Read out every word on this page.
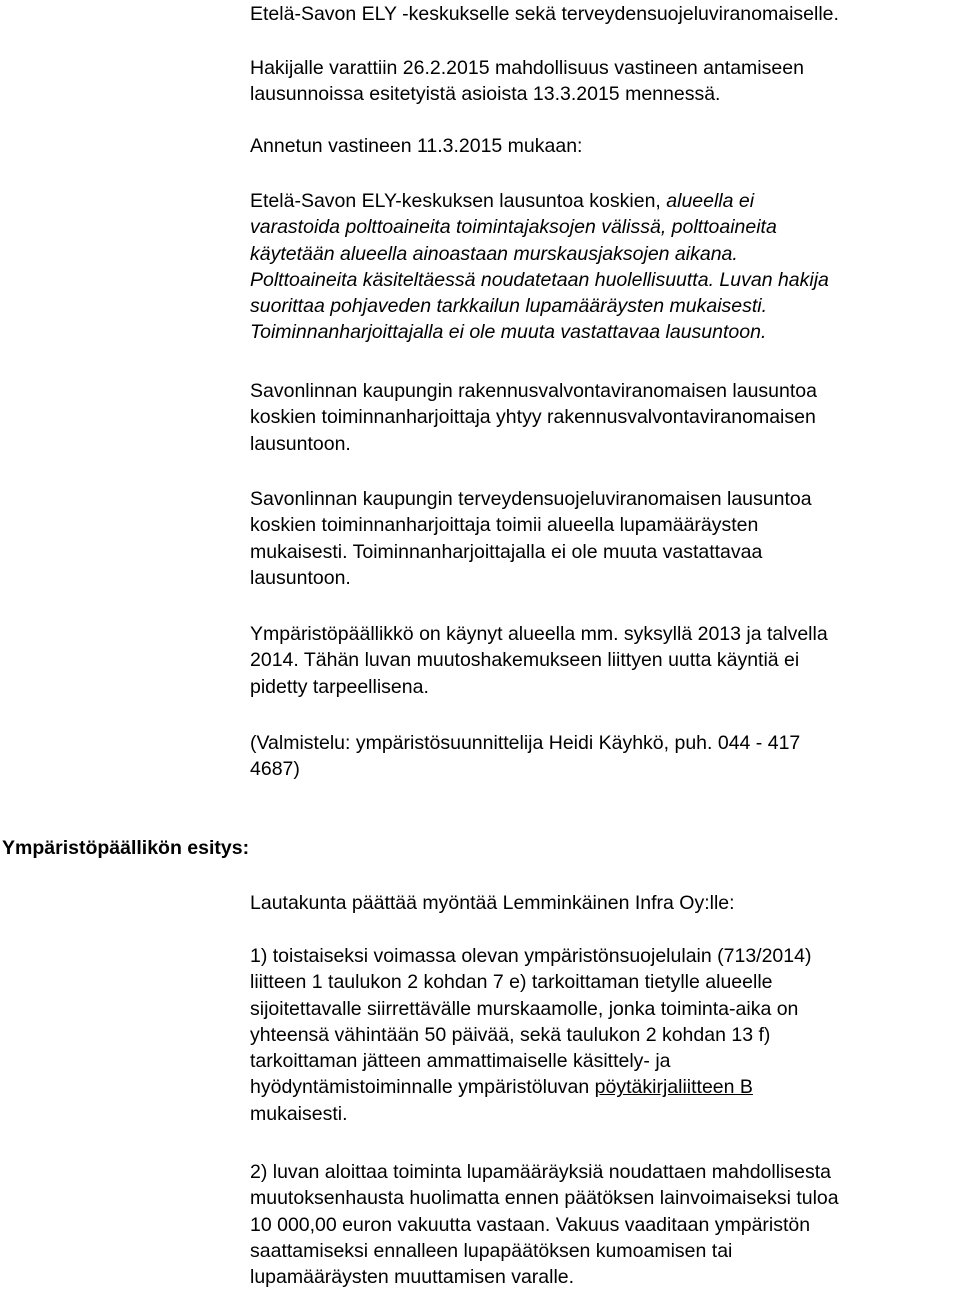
Etelä-Savon ELY -keskukselle sekä terveydensuojeluviranomaiselle.

Hakijalle varattiin 26.2.2015 mahdollisuus vastineen antamiseen
lausunnoissa esitetyistä asioista 13.3.2015 mennessä.

Annetun vastineen 11.3.2015 mukaan:

Etelä-Savon ELY-keskuksen lausuntoa koskien, alueella ei
varastoida polttoaineita toimintajaksojen välissä, polttoaineita
käytetään alueella ainoastaan murskausjaksojen aikana.
Polttoaineita käsiteltäessä noudatetaan huolellisuutta. Luvan hakija
suorittaa pohjaveden tarkkailun lupamääräysten mukaisesti.
Toiminnanharjoittajalla ei ole muuta vastattavaa lausuntoon.

Savonlinnan kaupungin rakennusvalvontaviranomaisen lausuntoa
koskien toiminnanharjoittaja yhtyy rakennusvalvontaviranomaisen
lausuntoon.

Savonlinnan kaupungin terveydensuojeluviranomaisen lausuntoa
koskien toiminnanharjoittaja toimii alueella lupamääräysten
mukaisesti. Toiminnanharjoittajalla ei ole muuta vastattavaa
lausuntoon.

Ympäristöpäällikkö on käynyt alueella mm. syksyllä 2013 ja talvella
2014. Tähän luvan muutoshakemukseen liittyen uutta käyntiä ei
pidetty tarpeellisena.

(Valmistelu: ympäristösuunnittelija Heidi Käyhkö, puh. 044 - 417
4687)

Ympäristöpäällikön esitys:

Lautakunta päättää myöntää Lemminkäinen Infra Oy:lle:

1) toistaiseksi voimassa olevan ympäristönsuojelulain (713/2014)
liitteen 1 taulukon 2 kohdan 7 e) tarkoittaman tietylle alueelle
sijoitettavalle siirrettävälle murskaamolle, jonka toiminta-aika on
yhteensä vähintään 50 päivää, sekä taulukon 2 kohdan 13 f)
tarkoittaman jätteen ammattimaiselle käsittely- ja
hyödyntämistoiminnalle ympäristöluvan pöytäkirjaliitteen B
mukaisesti.

2) luvan aloittaa toiminta lupamääräyksiä noudattaen mahdollisesta
muutoksenhausta huolimatta ennen päätöksen lainvoimaiseksi tuloa
10 000,00 euron vakuutta vastaan. Vakuus vaaditaan ympäristön
saattamiseksi ennalleen lupapäätöksen kumoamisen tai
lupamääräysten muuttamisen varalle.
